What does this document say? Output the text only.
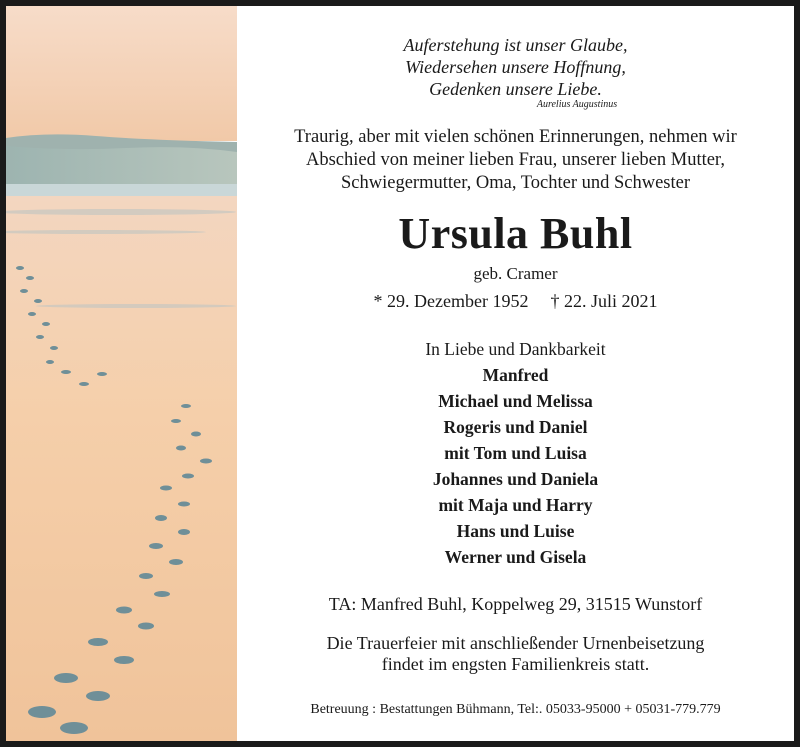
Auferstehung ist unser Glaube,
Wiedersehen unsere Hoffnung,
Gedenken unsere Liebe.
Aurelius Augustinus
Traurig, aber mit vielen schönen Erinnerungen, nehmen wir
Abschied von meiner lieben Frau, unserer lieben Mutter,
Schwiegermutter, Oma, Tochter und Schwester
Ursula Buhl
geb. Cramer
* 29. Dezember 1952 † 22. Juli 2021
In Liebe und Dankbarkeit
Manfred
Michael und Melissa
Rogeris und Daniel
mit Tom und Luisa
Johannes und Daniela
mit Maja und Harry
Hans und Luise
Werner und Gisela
TA: Manfred Buhl, Koppelweg 29, 31515 Wunstorf
Die Trauerfeier mit anschließender Urnenbeisetzung
findet im engsten Familienkreis statt.
Betreuung : Bestattungen Bühmann, Tel:. 05033-95000 + 05031-779.779
